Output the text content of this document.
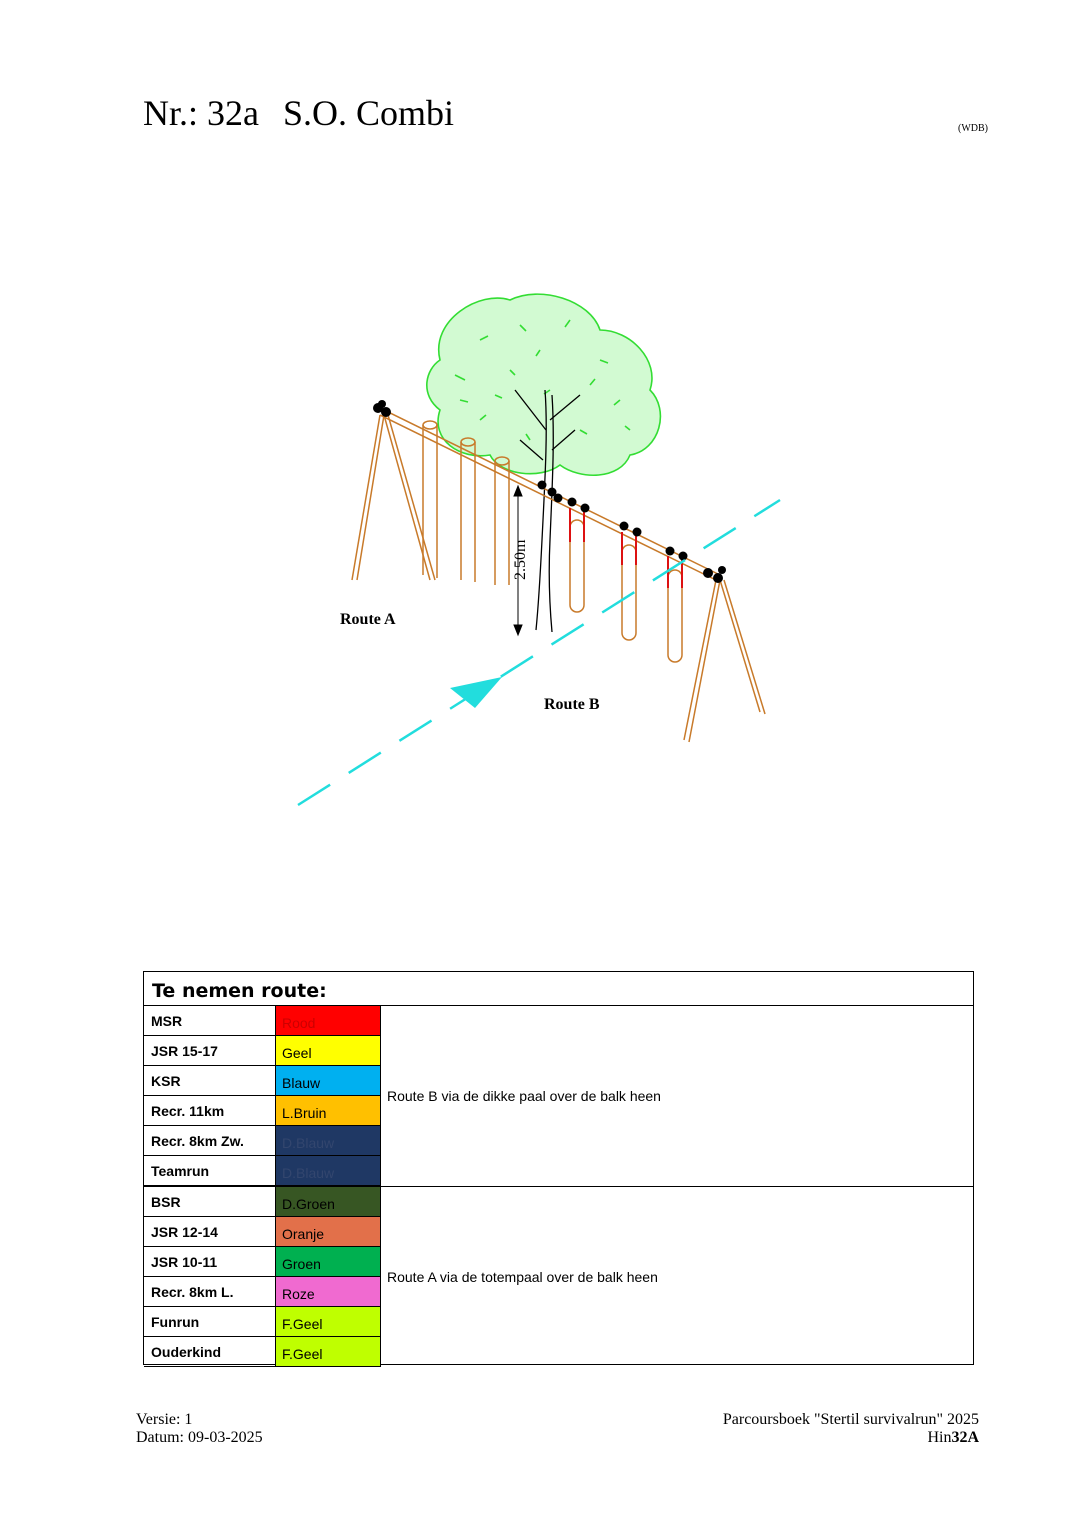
Nr.: 32a S.O. Combi	(WDB)
2.50m
Route A
Route B
Te nemen route:
MSR	Rood
JSR 15-17	Geel
KSR	Blauw
Recr. 11km	L.Bruin
Recr. 8km Zw.	D.Blauw
Teamrun	D.Blauw
Route B via de dikke paal over de balk heen
BSR	D.Groen
JSR 12-14	Oranje
JSR 10-11	Groen
Recr. 8km L.	Roze
Funrun	F.Geel
Ouderkind	F.Geel
Route A via de totempaal over de balk heen
Versie: 1
Datum: 09-03-2025
Parcoursboek "Stertil survivalrun" 2025
Hin32A
